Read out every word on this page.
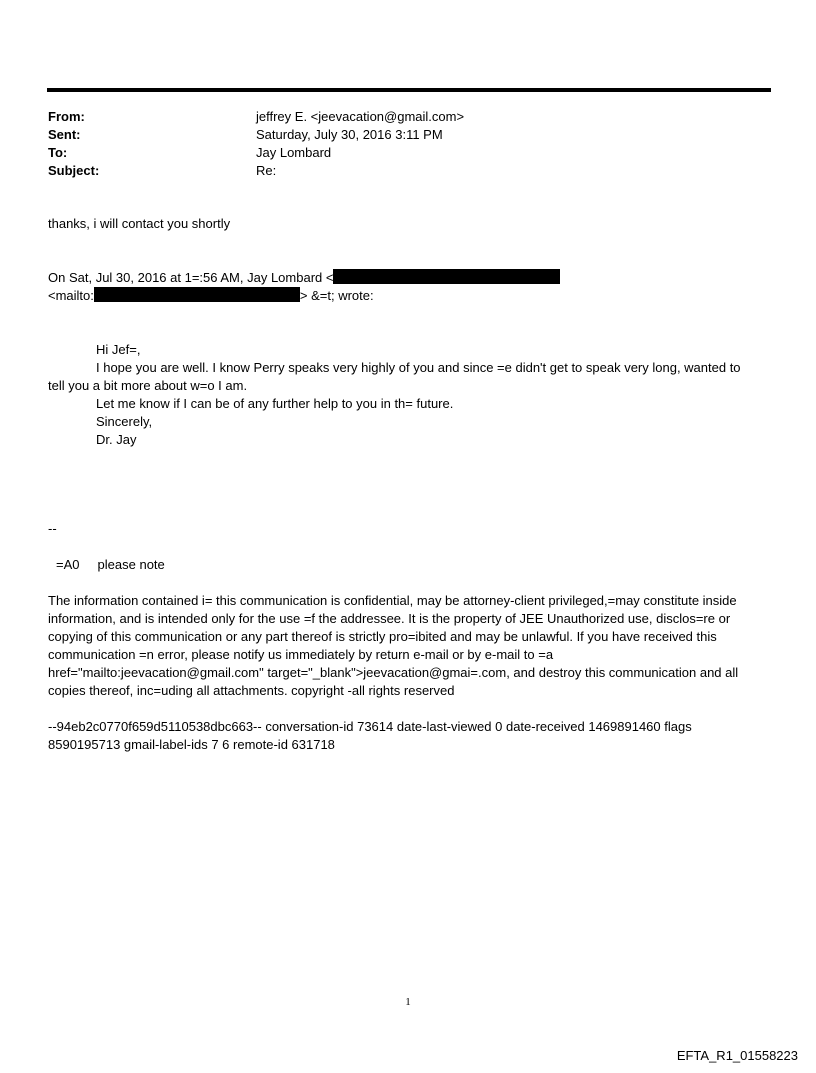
From:	jeffrey E. <jeevacation@gmail.com>
Sent:	Saturday, July 30, 2016 3:11 PM
To:	Jay Lombard
Subject:	Re:
thanks, i will contact you shortly
On Sat, Jul 30, 2016 at 1=:56 AM, Jay Lombard <
<mailto:	> &=t; wrote:
Hi Jef=,
I hope you are well. I know Perry speaks very highly of you and since =e didn't get to speak very long, wanted to
tell you a bit more about w=o I am.
Let me know if I can be of any further help to you in th= future.
Sincerely,
Dr. Jay
--
=A0     please note
The information contained i= this communication is confidential, may be attorney-client privileged,=may constitute inside information, and is intended only for the use =f the addressee. It is the property of JEE Unauthorized use, disclos=re or copying of this communication or any part thereof is strictly pro=ibited and may be unlawful. If you have received this communication =n error, please notify us immediately by return e-mail or by e-mail to =a href="mailto:jeevacation@gmail.com" target="_blank">jeevacation@gmai=.com, and destroy this communication and all copies thereof, inc=uding all attachments. copyright -all rights reserved
--94eb2c0770f659d5110538dbc663-- conversation-id 73614 date-last-viewed 0 date-received 1469891460 flags 8590195713 gmail-label-ids 7 6 remote-id 631718
1
EFTA_R1_01558223
